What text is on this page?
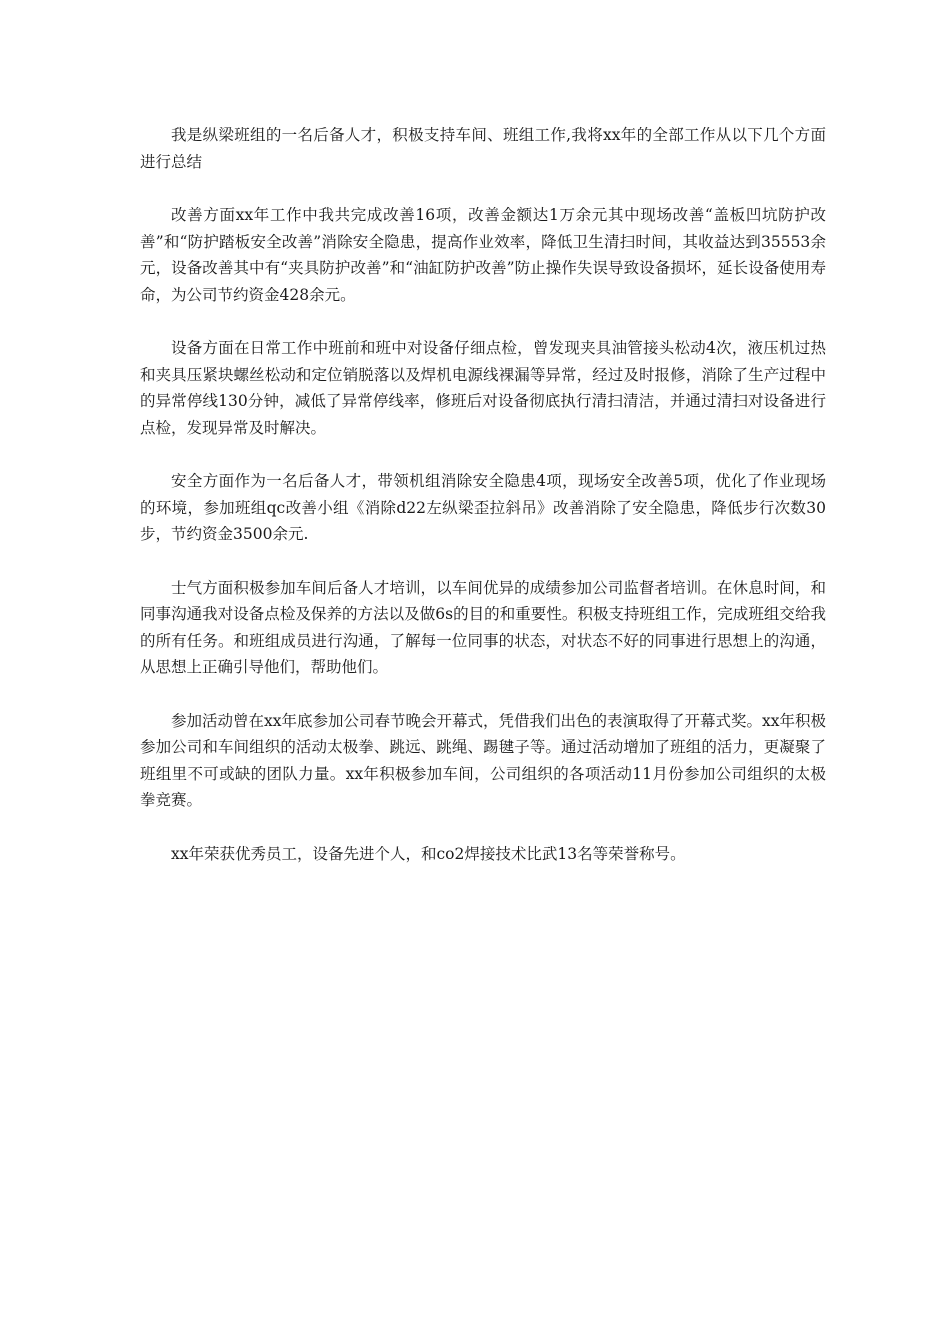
我是纵梁班组的一名后备人才，积极支持车间、班组工作,我将xx年的全部工作从以下几个方面进行总结

改善方面xx年工作中我共完成改善16项，改善金额达1万余元其中现场改善“盖板凹坑防护改善”和“防护踏板安全改善”消除安全隐患，提高作业效率，降低卫生清扫时间，其收益达到35553余元，设备改善其中有“夹具防护改善”和“油缸防护改善”防止操作失误导致设备损坏，延长设备使用寿命，为公司节约资金428余元。

设备方面在日常工作中班前和班中对设备仔细点检，曾发现夹具油管接头松动4次，液压机过热和夹具压紧块螺丝松动和定位销脱落以及焊机电源线裸漏等异常，经过及时报修，消除了生产过程中的异常停线130分钟，减低了异常停线率，修班后对设备彻底执行清扫清洁，并通过清扫对设备进行点检，发现异常及时解决。

安全方面作为一名后备人才，带领机组消除安全隐患4项，现场安全改善5项，优化了作业现场的环境，参加班组qc改善小组《消除d22左纵梁歪拉斜吊》改善消除了安全隐患，降低步行次数30步，节约资金3500余元.

士气方面积极参加车间后备人才培训，以车间优异的成绩参加公司监督者培训。在休息时间，和同事沟通我对设备点检及保养的方法以及做6s的目的和重要性。积极支持班组工作，完成班组交给我的所有任务。和班组成员进行沟通，了解每一位同事的状态，对状态不好的同事进行思想上的沟通，从思想上正确引导他们，帮助他们。

参加活动曾在xx年底参加公司春节晚会开幕式，凭借我们出色的表演取得了开幕式奖。xx年积极参加公司和车间组织的活动太极拳、跳远、跳绳、踢毽子等。通过活动增加了班组的活力，更凝聚了班组里不可或缺的团队力量。xx年积极参加车间，公司组织的各项活动11月份参加公司组织的太极拳竞赛。

xx年荣获优秀员工，设备先进个人，和co2焊接技术比武13名等荣誉称号。
